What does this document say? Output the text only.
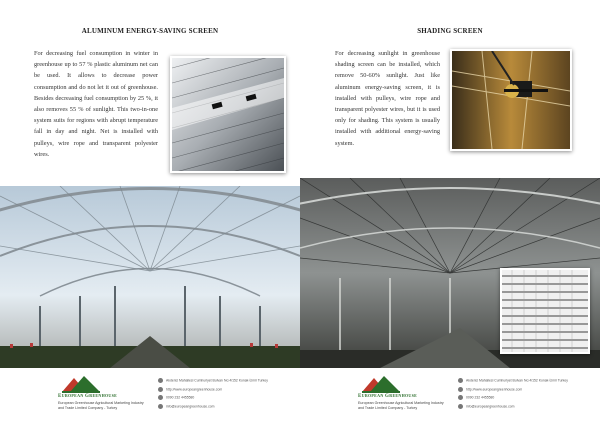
ALUMINUM ENERGY-SAVING SCREEN
For decreasing fuel consumption in winter in greenhouse up to 57 % plastic aluminum net can be used. It allows to decrease power consumption and do not let it out of greenhouse. Besides decreasing fuel consumption by 25 %, it also removes 55 % of sunlight. This two-in-one system suits for regions with abrupt temperature fall in day and night. Net is installed with pulleys, wire rope and transparent polyester wires.
SHADING SCREEN
For decreasing sunlight in greenhouse shading screen can be installed, which remove 50-60% sunlight. Just like aluminum energy-saving screen, it is installed with pulleys, wire rope and transparent polyester wires, but it is used only for shading. This system is usually installed with additional energy-saving system.
European Greenhouse
European Greenhouse Agricultural Marketing Industry and Trade Limited Company - Turkey
Akdeniz Mahallesi Cumhuriyet Bulvarı No:4/152 Konak-İzmir Turkey
http://www.europeangreenhouse.com
0090 232 4455580
info@europeangreenhouse.com
European Greenhouse
European Greenhouse Agricultural Marketing Industry and Trade Limited Company - Turkey
Akdeniz Mahallesi Cumhuriyet Bulvarı No:4/152 Konak-İzmir Turkey
http://www.europeangreenhouse.com
0090 232 4455580
info@europeangreenhouse.com
